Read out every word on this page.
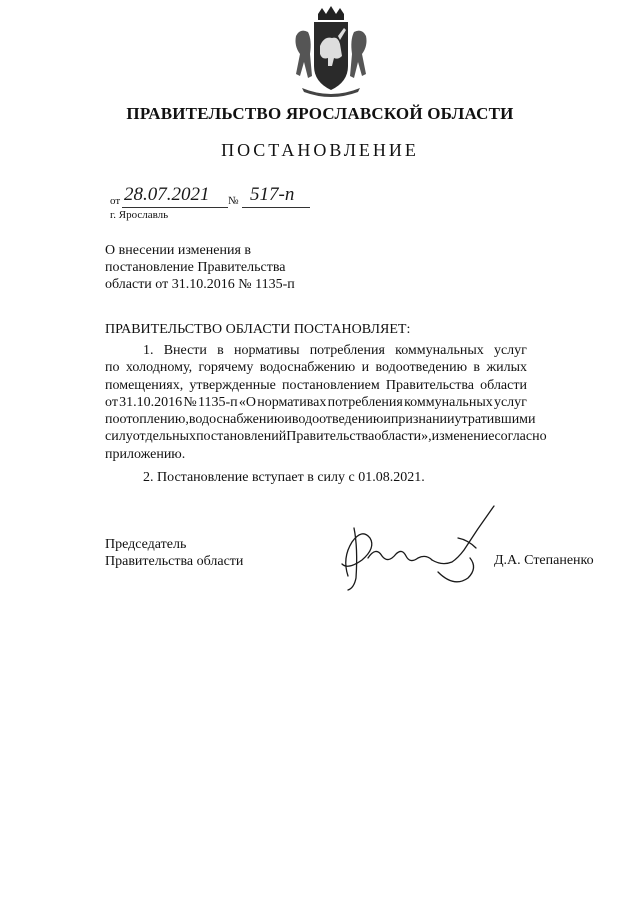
ПРАВИТЕЛЬСТВО ЯРОСЛАВСКОЙ ОБЛАСТИ
ПОСТАНОВЛЕНИЕ
от 28.07.2021 № 517-п
г. Ярославль
О внесении изменения в
постановление Правительства
области от 31.10.2016 № 1135-п
ПРАВИТЕЛЬСТВО ОБЛАСТИ ПОСТАНОВЛЯЕТ:
1. Внести в нормативы потребления коммунальных услуг
по холодному, горячему водоснабжению и водоотведению в жилых
помещениях, утвержденные постановлением Правительства области
от 31.10.2016 № 1135-п «О нормативах потребления коммунальных услуг
по отоплению, водоснабжению и водоотведению и признании утратившими
силу отдельных постановлений Правительства области», изменение согласно
приложению.
2. Постановление вступает в силу с 01.08.2021.
Председатель
Правительства области	Д.А. Степаненко
